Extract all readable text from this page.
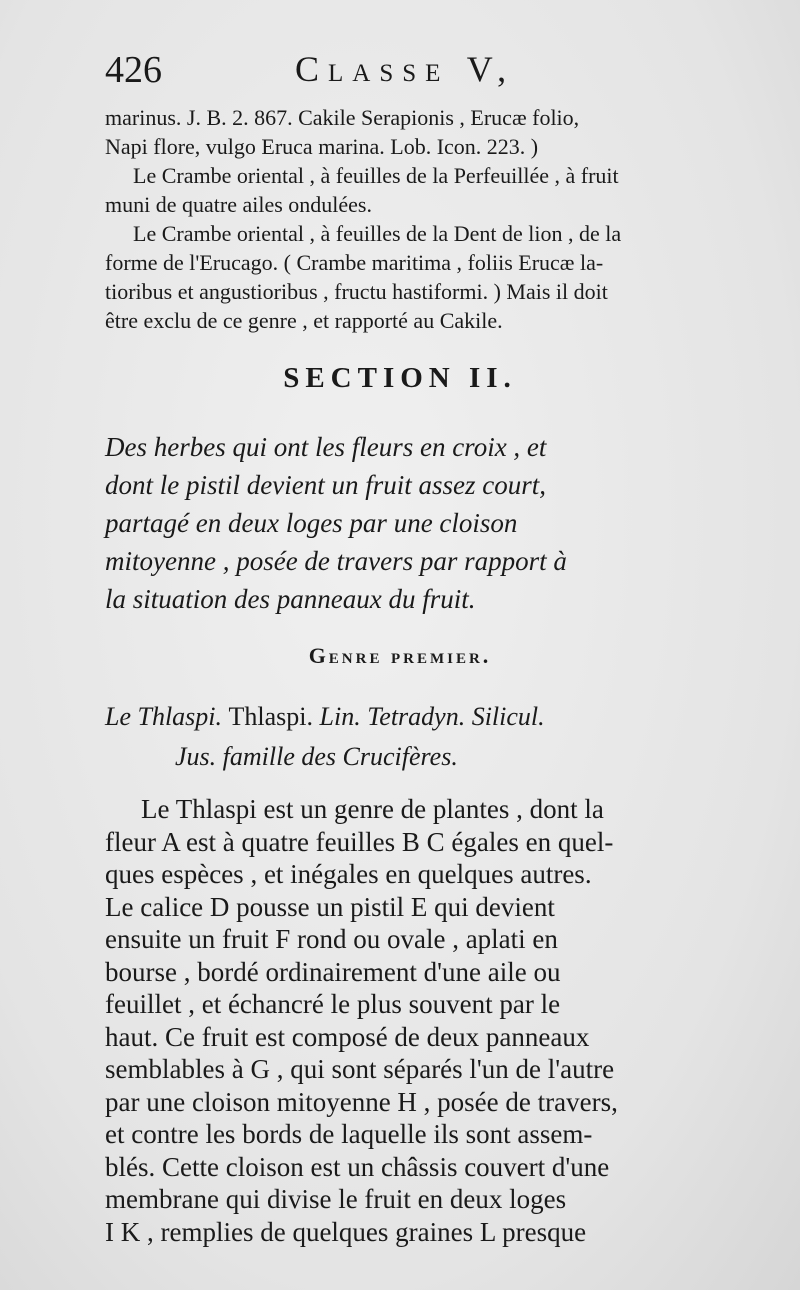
426	Classe V,
marinus. J. B. 2. 867. Cakile Serapionis , Erucæ folio,
Napi flore, vulgo Eruca marina. Lob. Icon. 223. )
Le Crambe oriental , à feuilles de la Perfeuillée , à fruit
muni de quatre ailes ondulées.
Le Crambe oriental , à feuilles de la Dent de lion , de la
forme de l'Erucago. ( Crambe maritima , foliis Erucæ la-
tioribus et angustioribus , fructu hastiformi. ) Mais il doit
être exclu de ce genre , et rapporté au Cakile.
SECTION II.
Des herbes qui ont les fleurs en croix , et
dont le pistil devient un fruit assez court,
partagé en deux loges par une cloison
mitoyenne , posée de travers par rapport à
la situation des panneaux du fruit.
Genre premier.
Le Thlaspi. Thlaspi. Lin. Tetradyn. Silicul.
Jus. famille des Crucifères.
Le Thlaspi est un genre de plantes , dont la
fleur A est à quatre feuilles B C égales en quel-
ques espèces , et inégales en quelques autres.
Le calice D pousse un pistil E qui devient
ensuite un fruit F rond ou ovale , aplati en
bourse , bordé ordinairement d'une aile ou
feuillet , et échancré le plus souvent par le
haut. Ce fruit est composé de deux panneaux
semblables à G , qui sont séparés l'un de l'autre
par une cloison mitoyenne H , posée de travers,
et contre les bords de laquelle ils sont assem-
blés. Cette cloison est un châssis couvert d'une
membrane qui divise le fruit en deux loges
I K , remplies de quelques graines L presque
